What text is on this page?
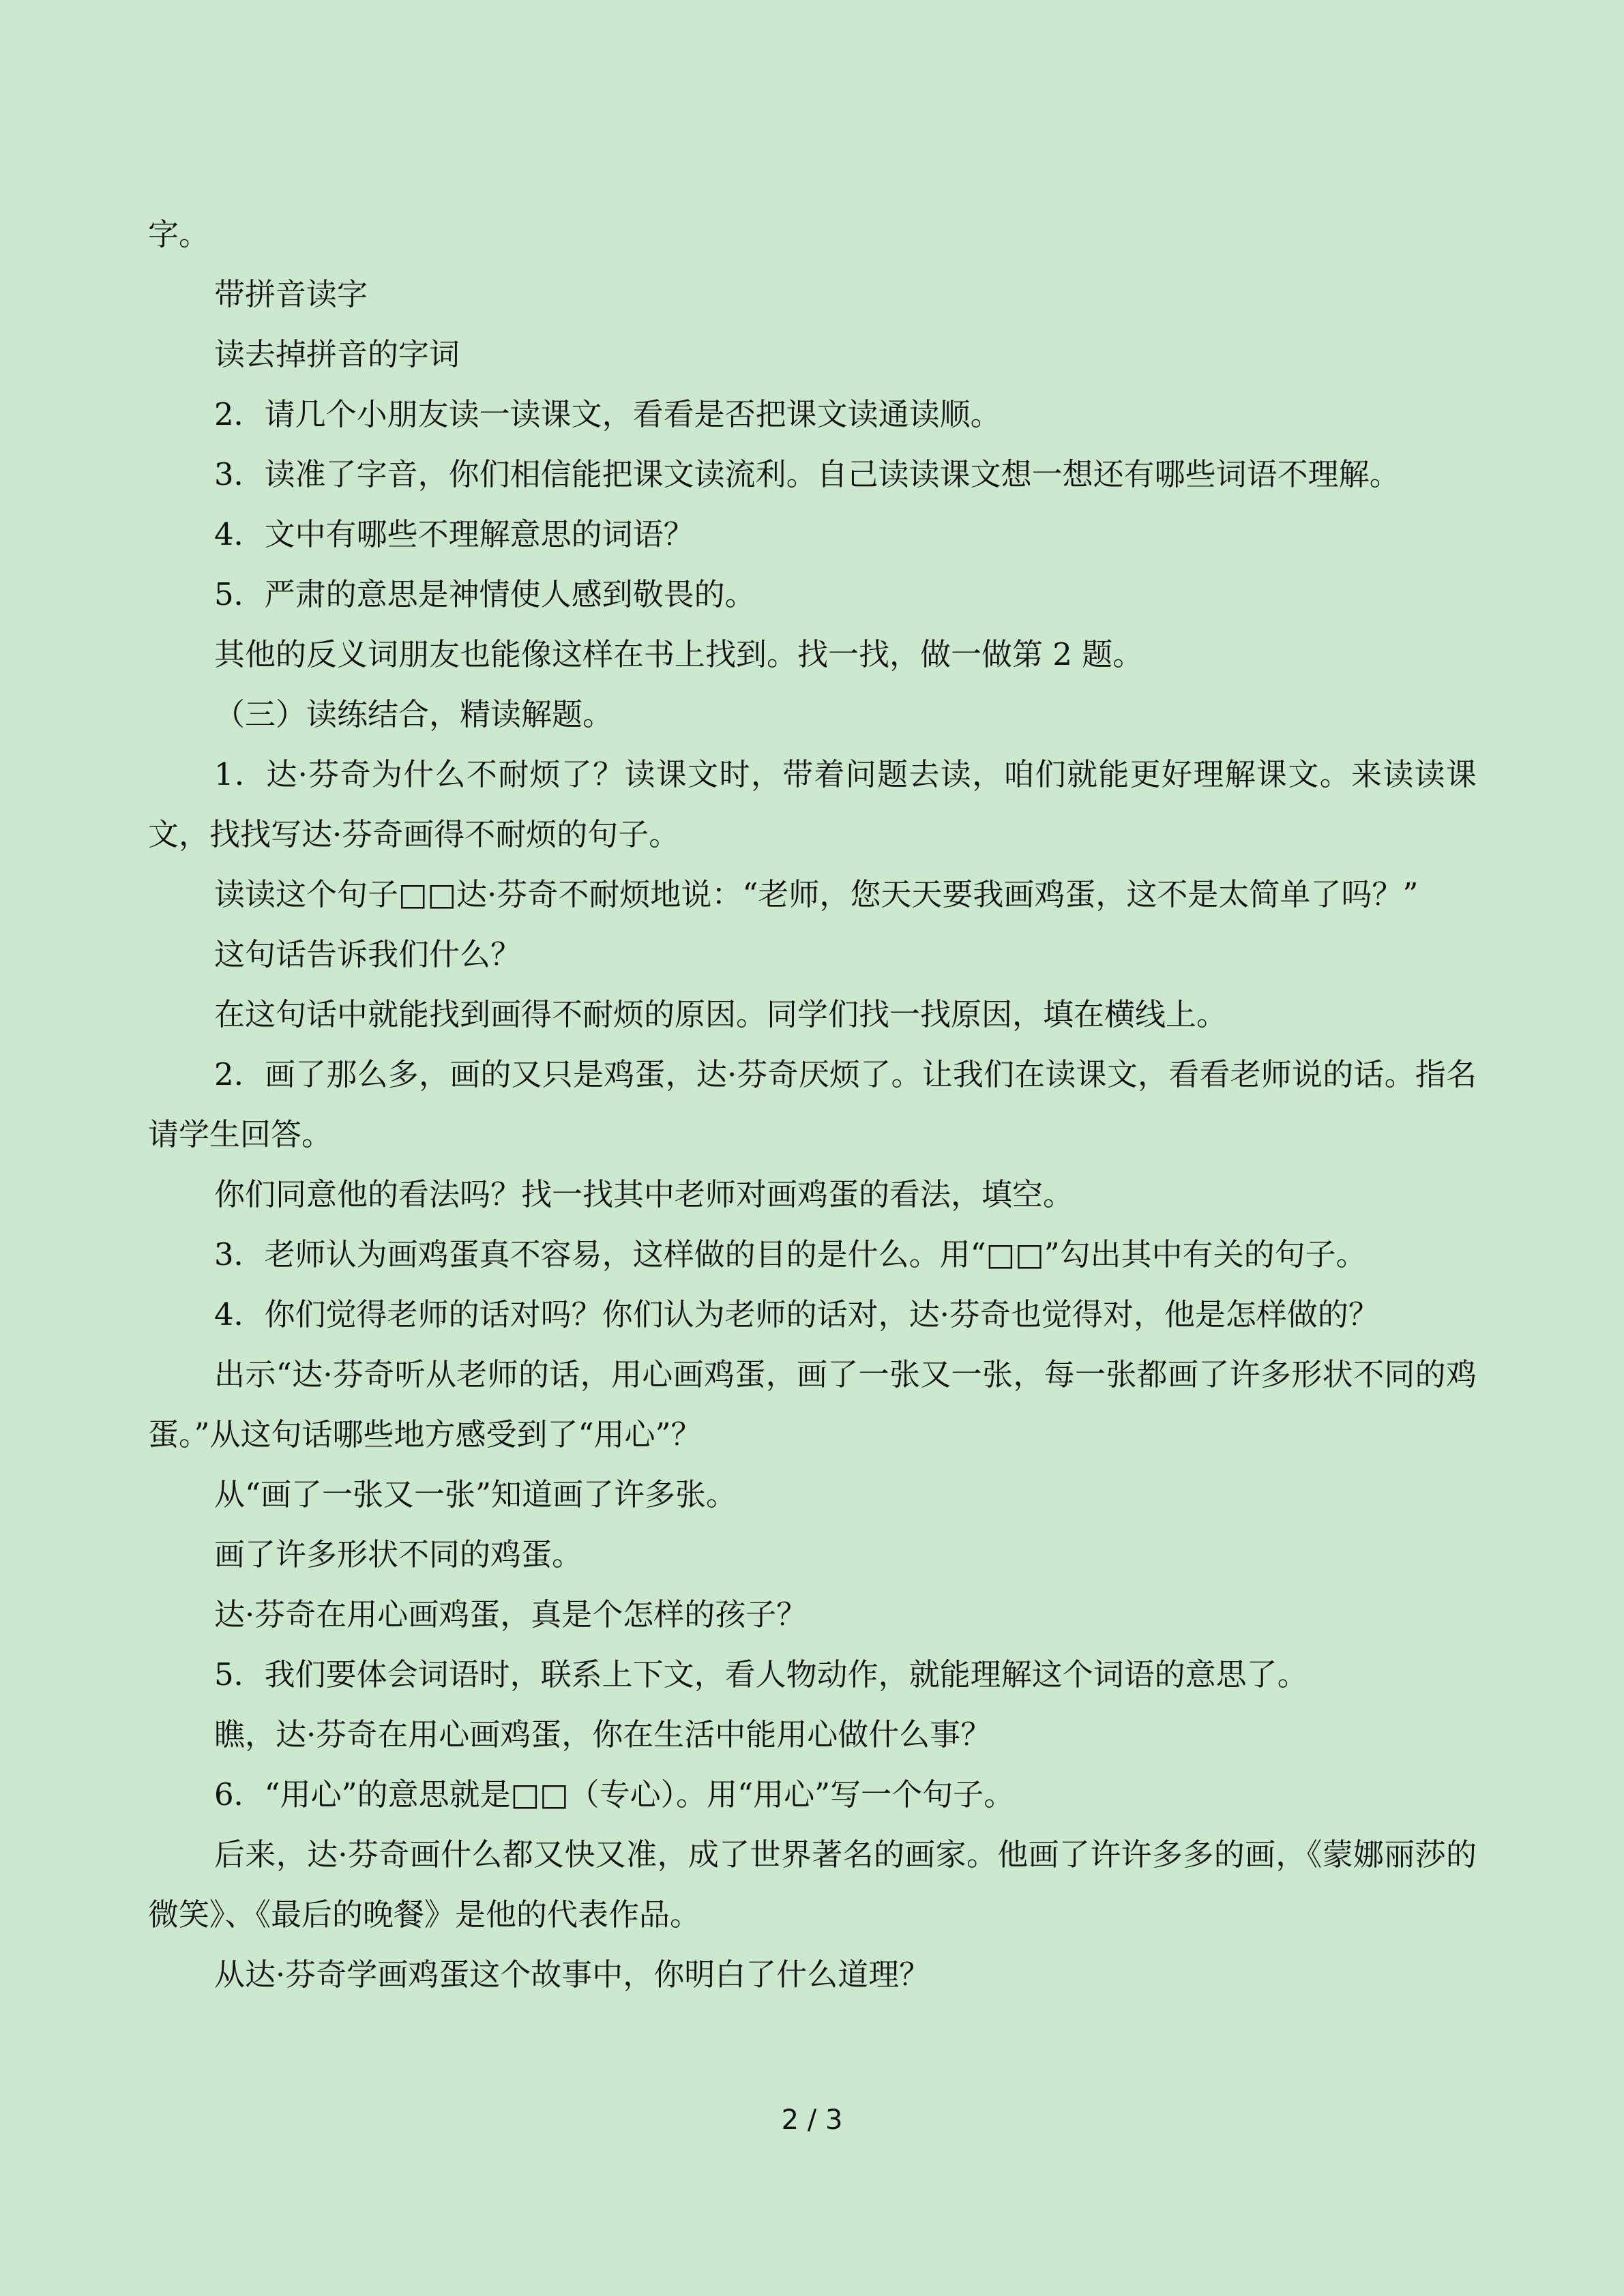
字。

带拼音读字

读去掉拼音的字词

2．请几个小朋友读一读课文，看看是否把课文读通读顺。

3．读准了字音，你们相信能把课文读流利。自己读读课文想一想还有哪些词语不理解。

4．文中有哪些不理解意思的词语？

5．严肃的意思是神情使人感到敬畏的。

其他的反义词朋友也能像这样在书上找到。找一找，做一做第 2 题。

（三）读练结合，精读解题。

1．达·芬奇为什么不耐烦了？读课文时，带着问题去读，咱们就能更好理解课文。来读读课文，找找写达·芬奇画得不耐烦的句子。

读读这个句子□□达·芬奇不耐烦地说：“老师，您天天要我画鸡蛋，这不是太简单了吗？”

这句话告诉我们什么？

在这句话中就能找到画得不耐烦的原因。同学们找一找原因，填在横线上。

2．画了那么多，画的又只是鸡蛋，达·芬奇厌烦了。让我们在读课文，看看老师说的话。指名请学生回答。

你们同意他的看法吗？找一找其中老师对画鸡蛋的看法，填空。

3．老师认为画鸡蛋真不容易，这样做的目的是什么。用“□□”勾出其中有关的句子。

4．你们觉得老师的话对吗？你们认为老师的话对，达·芬奇也觉得对，他是怎样做的？

出示“达·芬奇听从老师的话，用心画鸡蛋，画了一张又一张，每一张都画了许多形状不同的鸡蛋。”从这句话哪些地方感受到了“用心”？

从“画了一张又一张”知道画了许多张。

画了许多形状不同的鸡蛋。

达·芬奇在用心画鸡蛋，真是个怎样的孩子？

5．我们要体会词语时，联系上下文，看人物动作，就能理解这个词语的意思了。

瞧，达·芬奇在用心画鸡蛋，你在生活中能用心做什么事？

6．“用心”的意思就是□□（专心）。用“用心”写一个句子。

后来，达·芬奇画什么都又快又准，成了世界著名的画家。他画了许许多多的画，《蒙娜丽莎的微笑》、《最后的晚餐》是他的代表作品。

从达·芬奇学画鸡蛋这个故事中，你明白了什么道理？

2 / 3
